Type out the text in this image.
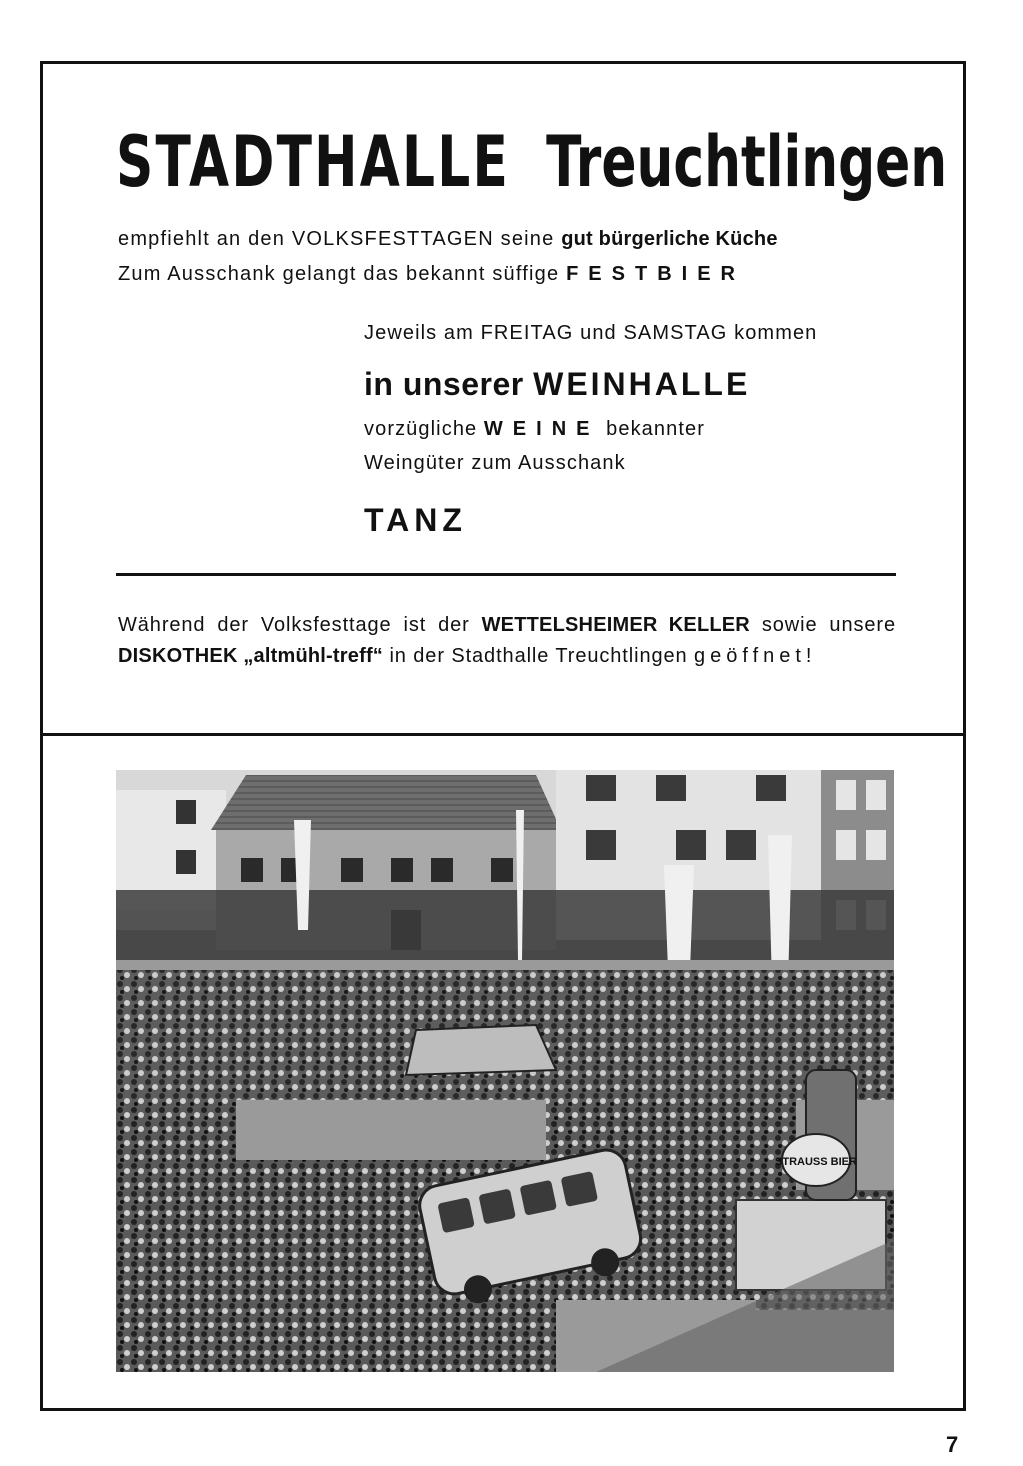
STADTHALLE Treuchtlingen
empfiehlt an den VOLKSFESTTAGEN seine gut bürgerliche Küche
Zum Ausschank gelangt das bekannt süffige FESTBIER
Jeweils am FREITAG und SAMSTAG kommen
in unserer WEINHALLE
vorzügliche WEINE bekannter
Weingüter zum Ausschank
TANZ
Während der Volksfesttage ist der WETTELSHEIMER KELLER sowie unsere DISKOTHEK „altmühl-treff“ in der Stadthalle Treuchtlingen geöffnet!
STRAUSS BIER
7
